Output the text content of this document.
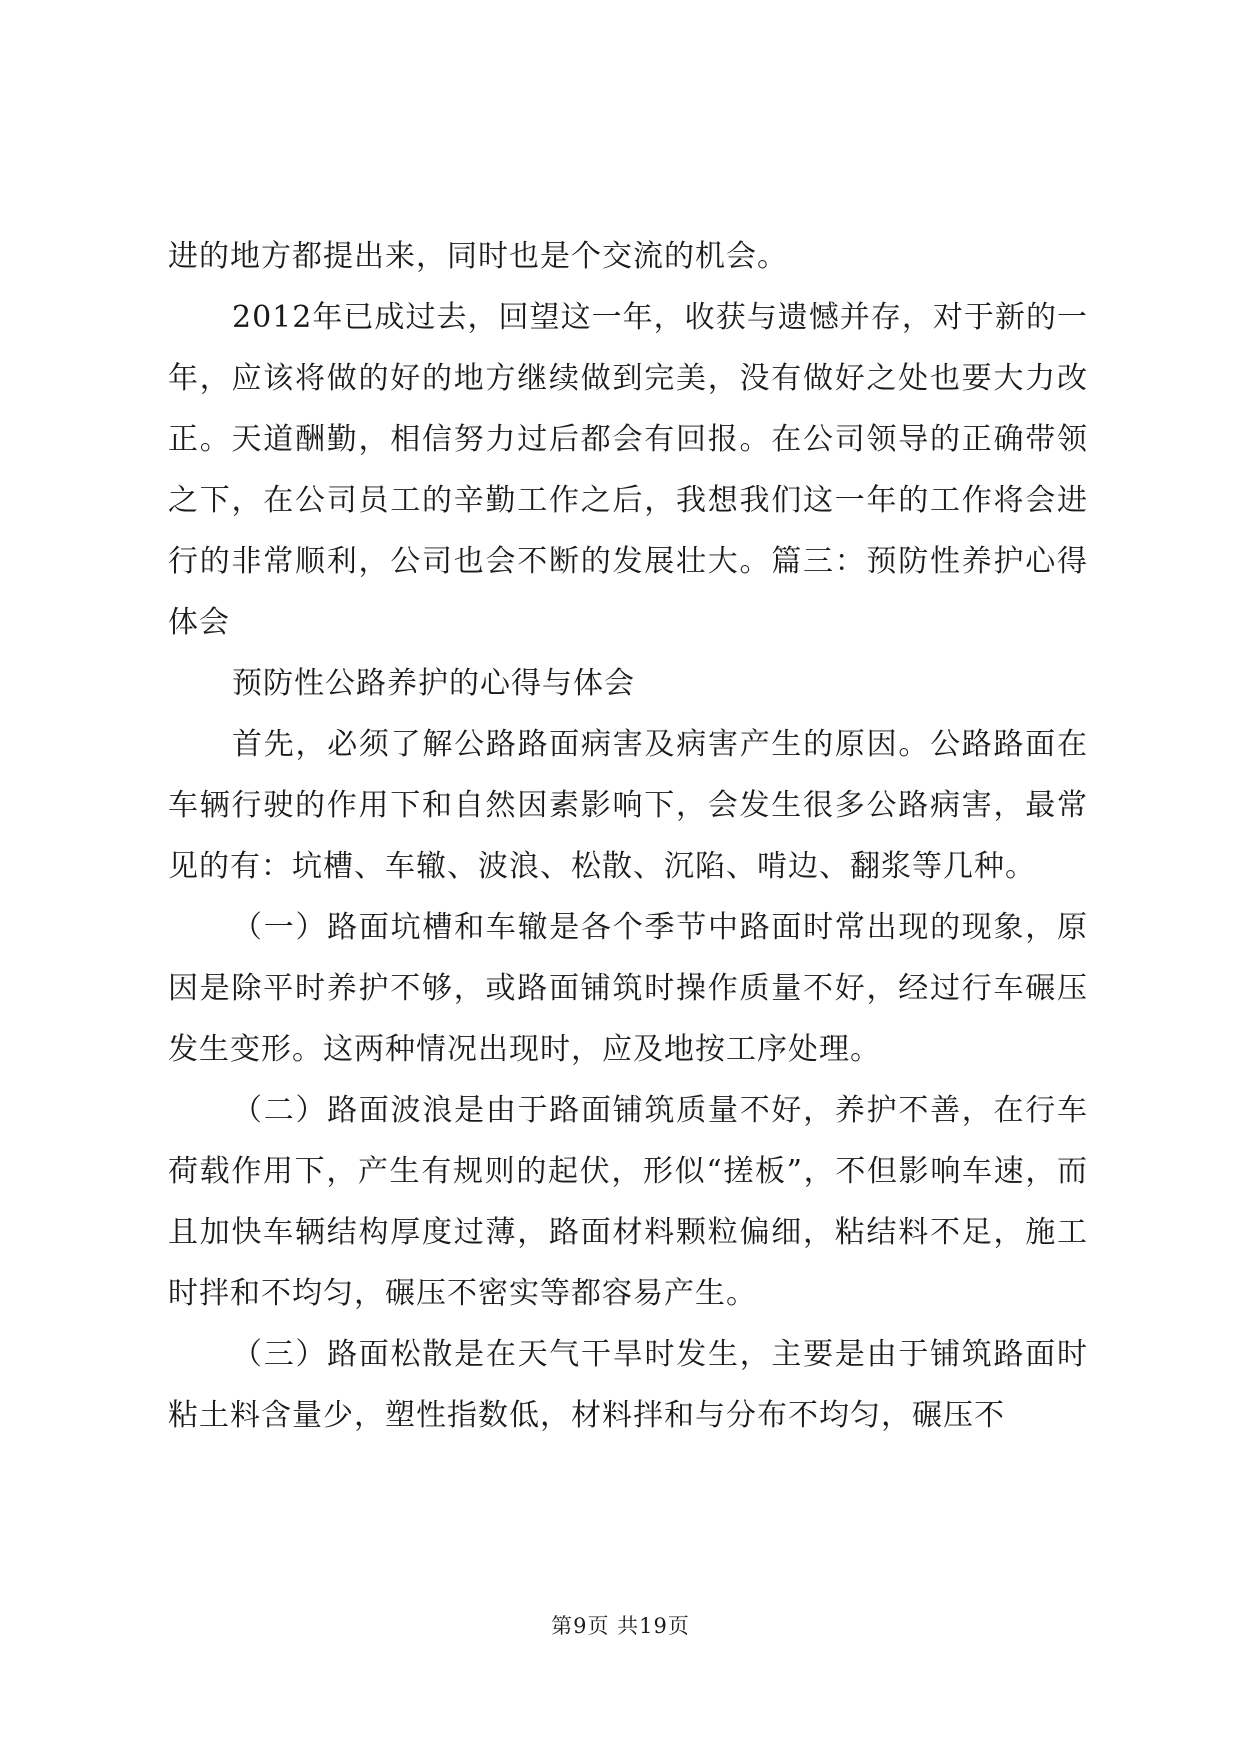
进的地方都提出来，同时也是个交流的机会。

2012年已成过去，回望这一年，收获与遗憾并存，对于新的一年，应该将做的好的地方继续做到完美，没有做好之处也要大力改正。天道酬勤，相信努力过后都会有回报。在公司领导的正确带领之下，在公司员工的辛勤工作之后，我想我们这一年的工作将会进行的非常顺利，公司也会不断的发展壮大。篇三：预防性养护心得体会

预防性公路养护的心得与体会

首先，必须了解公路路面病害及病害产生的原因。公路路面在车辆行驶的作用下和自然因素影响下，会发生很多公路病害，最常见的有：坑槽、车辙、波浪、松散、沉陷、啃边、翻浆等几种。

（一）路面坑槽和车辙是各个季节中路面时常出现的现象，原因是除平时养护不够，或路面铺筑时操作质量不好，经过行车碾压发生变形。这两种情况出现时，应及地按工序处理。

（二）路面波浪是由于路面铺筑质量不好，养护不善，在行车荷载作用下，产生有规则的起伏，形似“搓板”，不但影响车速，而且加快车辆结构厚度过薄，路面材料颗粒偏细，粘结料不足，施工时拌和不均匀，碾压不密实等都容易产生。

（三）路面松散是在天气干旱时发生，主要是由于铺筑路面时粘土料含量少，塑性指数低，材料拌和与分布不均匀，碾压不

第9页 共19页
